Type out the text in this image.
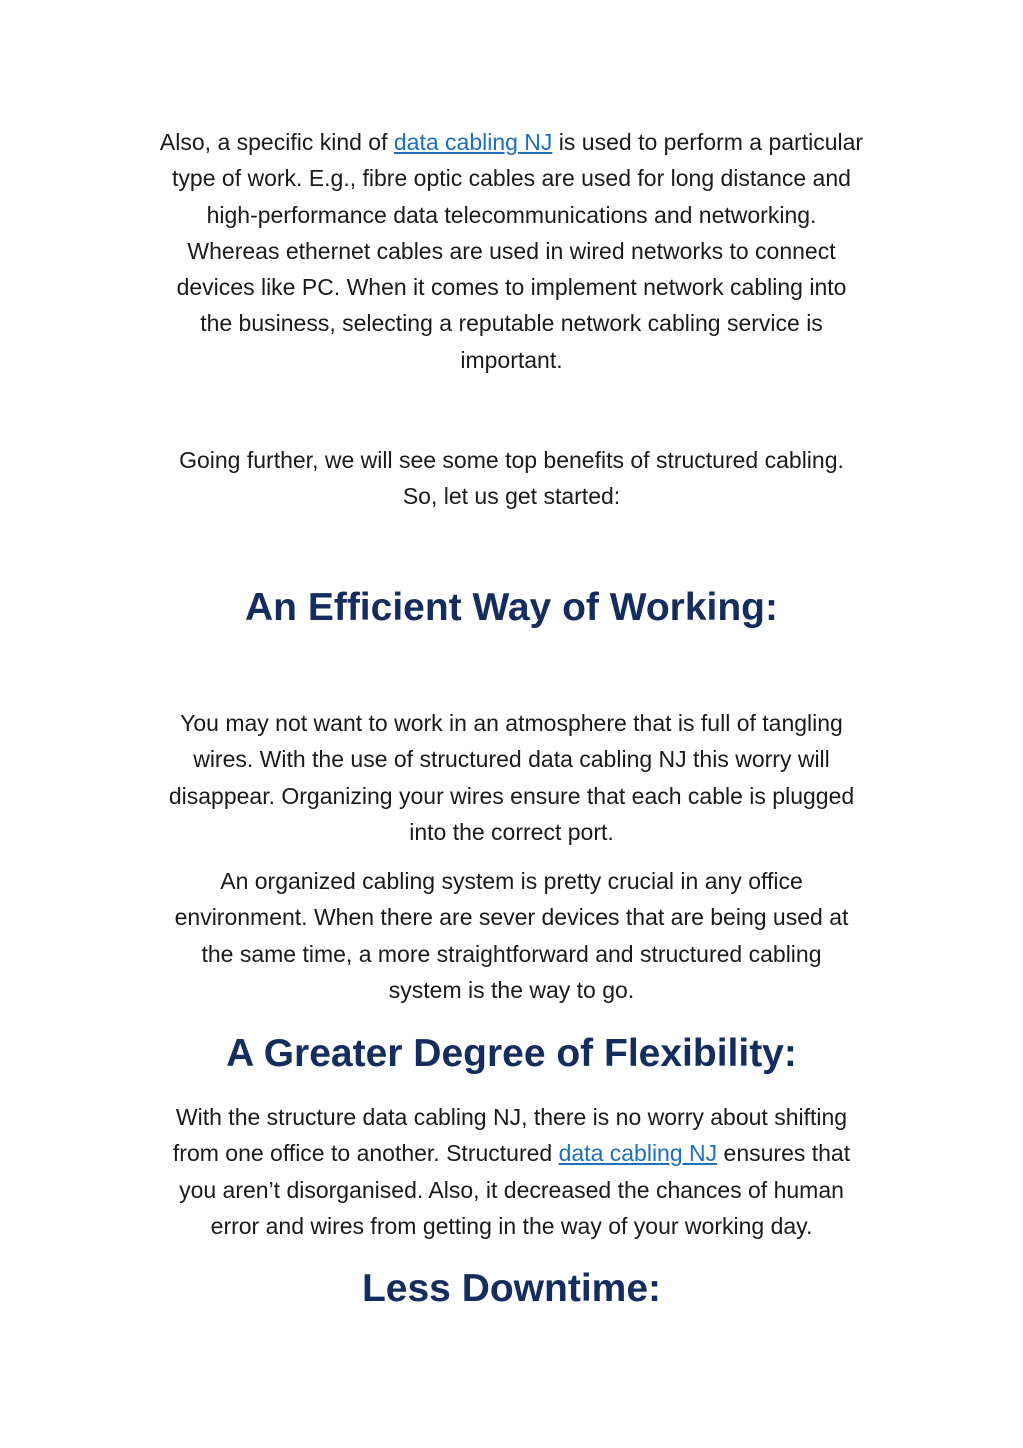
Also, a specific kind of data cabling NJ is used to perform a particular
type of work. E.g., fibre optic cables are used for long distance and
high-performance data telecommunications and networking.
Whereas ethernet cables are used in wired networks to connect
devices like PC. When it comes to implement network cabling into
the business, selecting a reputable network cabling service is
important.

Going further, we will see some top benefits of structured cabling.
So, let us get started:

An Efficient Way of Working:

You may not want to work in an atmosphere that is full of tangling
wires. With the use of structured data cabling NJ this worry will
disappear. Organizing your wires ensure that each cable is plugged
into the correct port.

An organized cabling system is pretty crucial in any office
environment. When there are sever devices that are being used at
the same time, a more straightforward and structured cabling
system is the way to go.

A Greater Degree of Flexibility:

With the structure data cabling NJ, there is no worry about shifting
from one office to another. Structured data cabling NJ ensures that
you aren’t disorganised. Also, it decreased the chances of human
error and wires from getting in the way of your working day.

Less Downtime:
